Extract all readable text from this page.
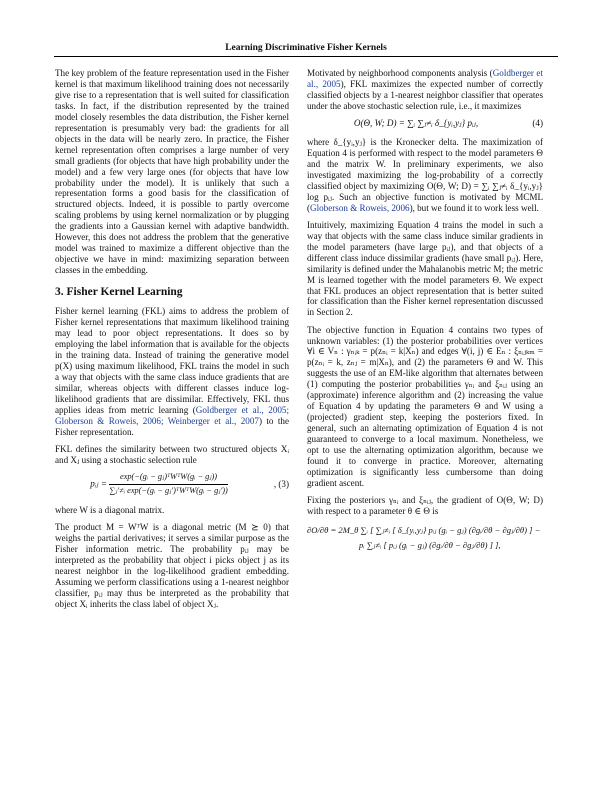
Learning Discriminative Fisher Kernels

The key problem of the feature representation used in the Fisher kernel is that maximum likelihood training does not necessarily give rise to a representation that is well suited for classification tasks. In fact, if the distribution represented by the trained model closely resembles the data distribution, the Fisher kernel representation is presumably very bad: the gradients for all objects in the data will be nearly zero. In practice, the Fisher kernel representation often comprises a large number of very small gradients (for objects that have high probability under the model) and a few very large ones (for objects that have low probability under the model). It is unlikely that such a representation forms a good basis for the classification of structured objects. Indeed, it is possible to partly overcome scaling problems by using kernel normalization or by plugging the gradients into a Gaussian kernel with adaptive bandwidth. However, this does not address the problem that the generative model was trained to maximize a different objective than the objective we have in mind: maximizing separation between classes in the embedding.

3. Fisher Kernel Learning

Fisher kernel learning (FKL) aims to address the problem of Fisher kernel representations that maximum likelihood training may lead to poor object representations. It does so by employing the label information that is available for the objects in the training data. Instead of training the generative model p(X) using maximum likelihood, FKL trains the model in such a way that objects with the same class induce gradients that are similar, whereas objects with different classes induce log-likelihood gradients that are dissimilar. Effectively, FKL thus applies ideas from metric learning (Goldberger et al., 2005; Globerson & Roweis, 2006; Weinberger et al., 2007) to the Fisher representation.

FKL defines the similarity between two structured objects Xᵢ and Xⱼ using a stochastic selection rule

pᵢⱼ = $\frac{\text{exp(−(gᵢ − gⱼ)ᵀWᵀW(gᵢ − gⱼ))}}{\text{∑ⱼ′≠ᵢ exp(−(gᵢ − gⱼ′)ᵀWᵀW(gᵢ − gⱼ′))}}$	, (3)

where W is a diagonal matrix.

The product M = WᵀW is a diagonal metric (M ⪰ 0) that weighs the partial derivatives; it serves a similar purpose as the Fisher information metric. The probability pᵢⱼ may be interpreted as the probability that object i picks object j as its nearest neighbor in the log-likelihood gradient embedding. Assuming we perform classifications using a 1-nearest neighbor classifier, pᵢⱼ may thus be interpreted as the probability that object Xᵢ inherits the class label of object Xⱼ.

Motivated by neighborhood components analysis (Goldberger et al., 2005), FKL maximizes the expected number of correctly classified objects by a 1-nearest neighbor classifier that operates under the above stochastic selection rule, i.e., it maximizes

O(Θ, W; D) = ∑ᵢ ∑ⱼ≠ᵢ δ_{yᵢ,yⱼ} pᵢⱼ,	(4)

where δ_{yᵢ,yⱼ} is the Kronecker delta. The maximization of Equation 4 is performed with respect to the model parameters Θ and the matrix W. In preliminary experiments, we also investigated maximizing the log-probability of a correctly classified object by maximizing O(Θ, W; D) = ∑ᵢ ∑ⱼ≠ᵢ δ_{yᵢ,yⱼ} log pᵢⱼ. Such an objective function is motivated by MCML (Globerson & Roweis, 2006), but we found it to work less well.

Intuitively, maximizing Equation 4 trains the model in such a way that objects with the same class induce similar gradients in the model parameters (have large pᵢⱼ), and that objects of a different class induce dissimilar gradients (have small pᵢⱼ). Here, similarity is defined under the Mahalanobis metric M; the metric M is learned together with the model parameters Θ. We expect that FKL produces an object representation that is better suited for classification than the Fisher kernel representation discussed in Section 2.

The objective function in Equation 4 contains two types of unknown variables: (1) the posterior probabilities over vertices ∀i ∈ Vₙ : γₙᵢₖ = p(zₙᵢ = k|Xₙ) and edges ∀(i, j) ∈ Eₙ : ξₙᵢⱼₖₘ = p(zₙᵢ = k, zₙⱼ = m|Xₙ), and (2) the parameters Θ and W. This suggests the use of an EM-like algorithm that alternates between (1) computing the posterior probabilities γₙᵢ and ξₙᵢⱼ using an (approximate) inference algorithm and (2) increasing the value of Equation 4 by updating the parameters Θ and W using a (projected) gradient step, keeping the posteriors fixed. In general, such an alternating optimization of Equation 4 is not guaranteed to converge to a local maximum. Nonetheless, we opt to use the alternating optimization algorithm, because we found it to converge in practice. Moreover, alternating optimization is significantly less cumbersome than doing gradient ascent.

Fixing the posteriors γₙᵢ and ξₙᵢⱼ, the gradient of O(Θ, W; D) with respect to a parameter θ ∈ Θ is

∂O/∂θ = 2M_θ ∑ᵢ [ ∑ⱼ≠ᵢ [ δ_{yᵢ,yⱼ} pᵢⱼ (gᵢ − gⱼ) (∂gᵢ/∂θ − ∂gⱼ/∂θ) ] −
pᵢ ∑ⱼ≠ᵢ [ pᵢⱼ (gᵢ − gⱼ) (∂gᵢ/∂θ − ∂gⱼ/∂θ) ] ],
